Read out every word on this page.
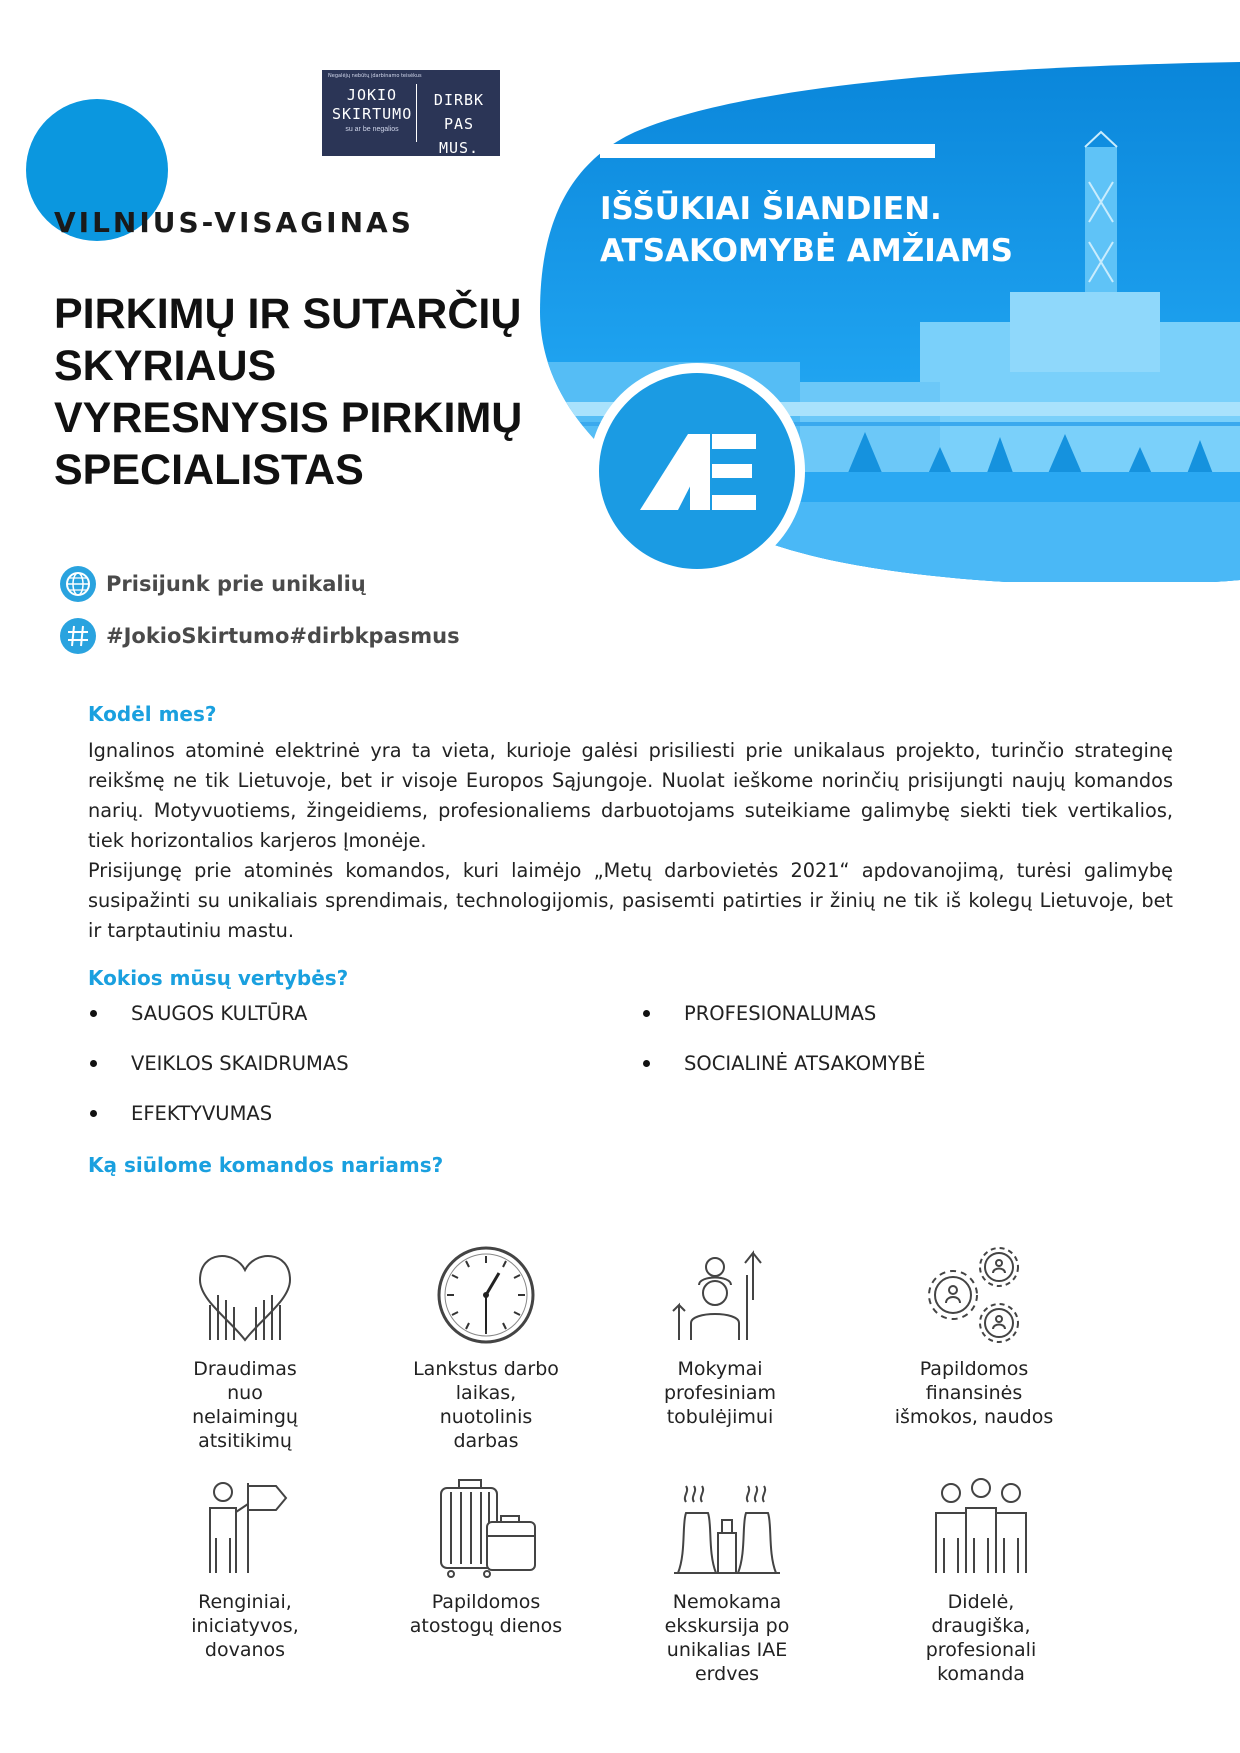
Negalėjų nebūtų įdarbinamo teisėkus
JOKIO
SKIRTUMO
su ar be negalios
DIRBK
PAS MUS.
VILNIUS-VISAGINAS
PIRKIMŲ IR SUTARČIŲ
SKYRIAUS
VYRESNYSIS PIRKIMŲ
SPECIALISTAS
IŠŠŪKIAI ŠIANDIEN.
ATSAKOMYBĖ AMŽIAMS
Prisijunk prie unikalių
#JokioSkirtumo#dirbkpasmus
Kodėl mes?

Ignalinos atominė elektrinė yra ta vieta, kurioje galėsi prisiliesti prie unikalaus projekto, turinčio strateginę reikšmę ne tik Lietuvoje, bet ir visoje Europos Sąjungoje. Nuolat ieškome norinčių prisijungti naujų komandos narių. Motyvuotiems, žingeidiems, profesionaliems darbuotojams suteikiame galimybę siekti tiek vertikalios, tiek horizontalios karjeros Įmonėje.

Prisijungę prie atominės komandos, kuri laimėjo „Metų darbovietės 2021“ apdovanojimą, turėsi galimybę susipažinti su unikaliais sprendimais, technologijomis, pasisemti patirties ir žinių ne tik iš kolegų Lietuvoje, bet ir tarptautiniu mastu.

Kokios mūsų vertybės?
SAUGOS KULTŪRA
VEIKLOS SKAIDRUMAS
EFEKTYVUMAS
PROFESIONALUMAS
SOCIALINĖ ATSAKOMYBĖ
Ką siūlome komandos nariams?
Draudimas
nuo
nelaimingų
atsitikimų
Lankstus darbo
laikas,
nuotolinis
darbas
Mokymai
profesiniam
tobulėjimui
Papildomos
finansinės
išmokos, naudos
Renginiai,
iniciatyvos,
dovanos
Papildomos
atostogų dienos
Nemokama
ekskursija po
unikalias IAE
erdves
Didelė,
draugiška,
profesionali
komanda
